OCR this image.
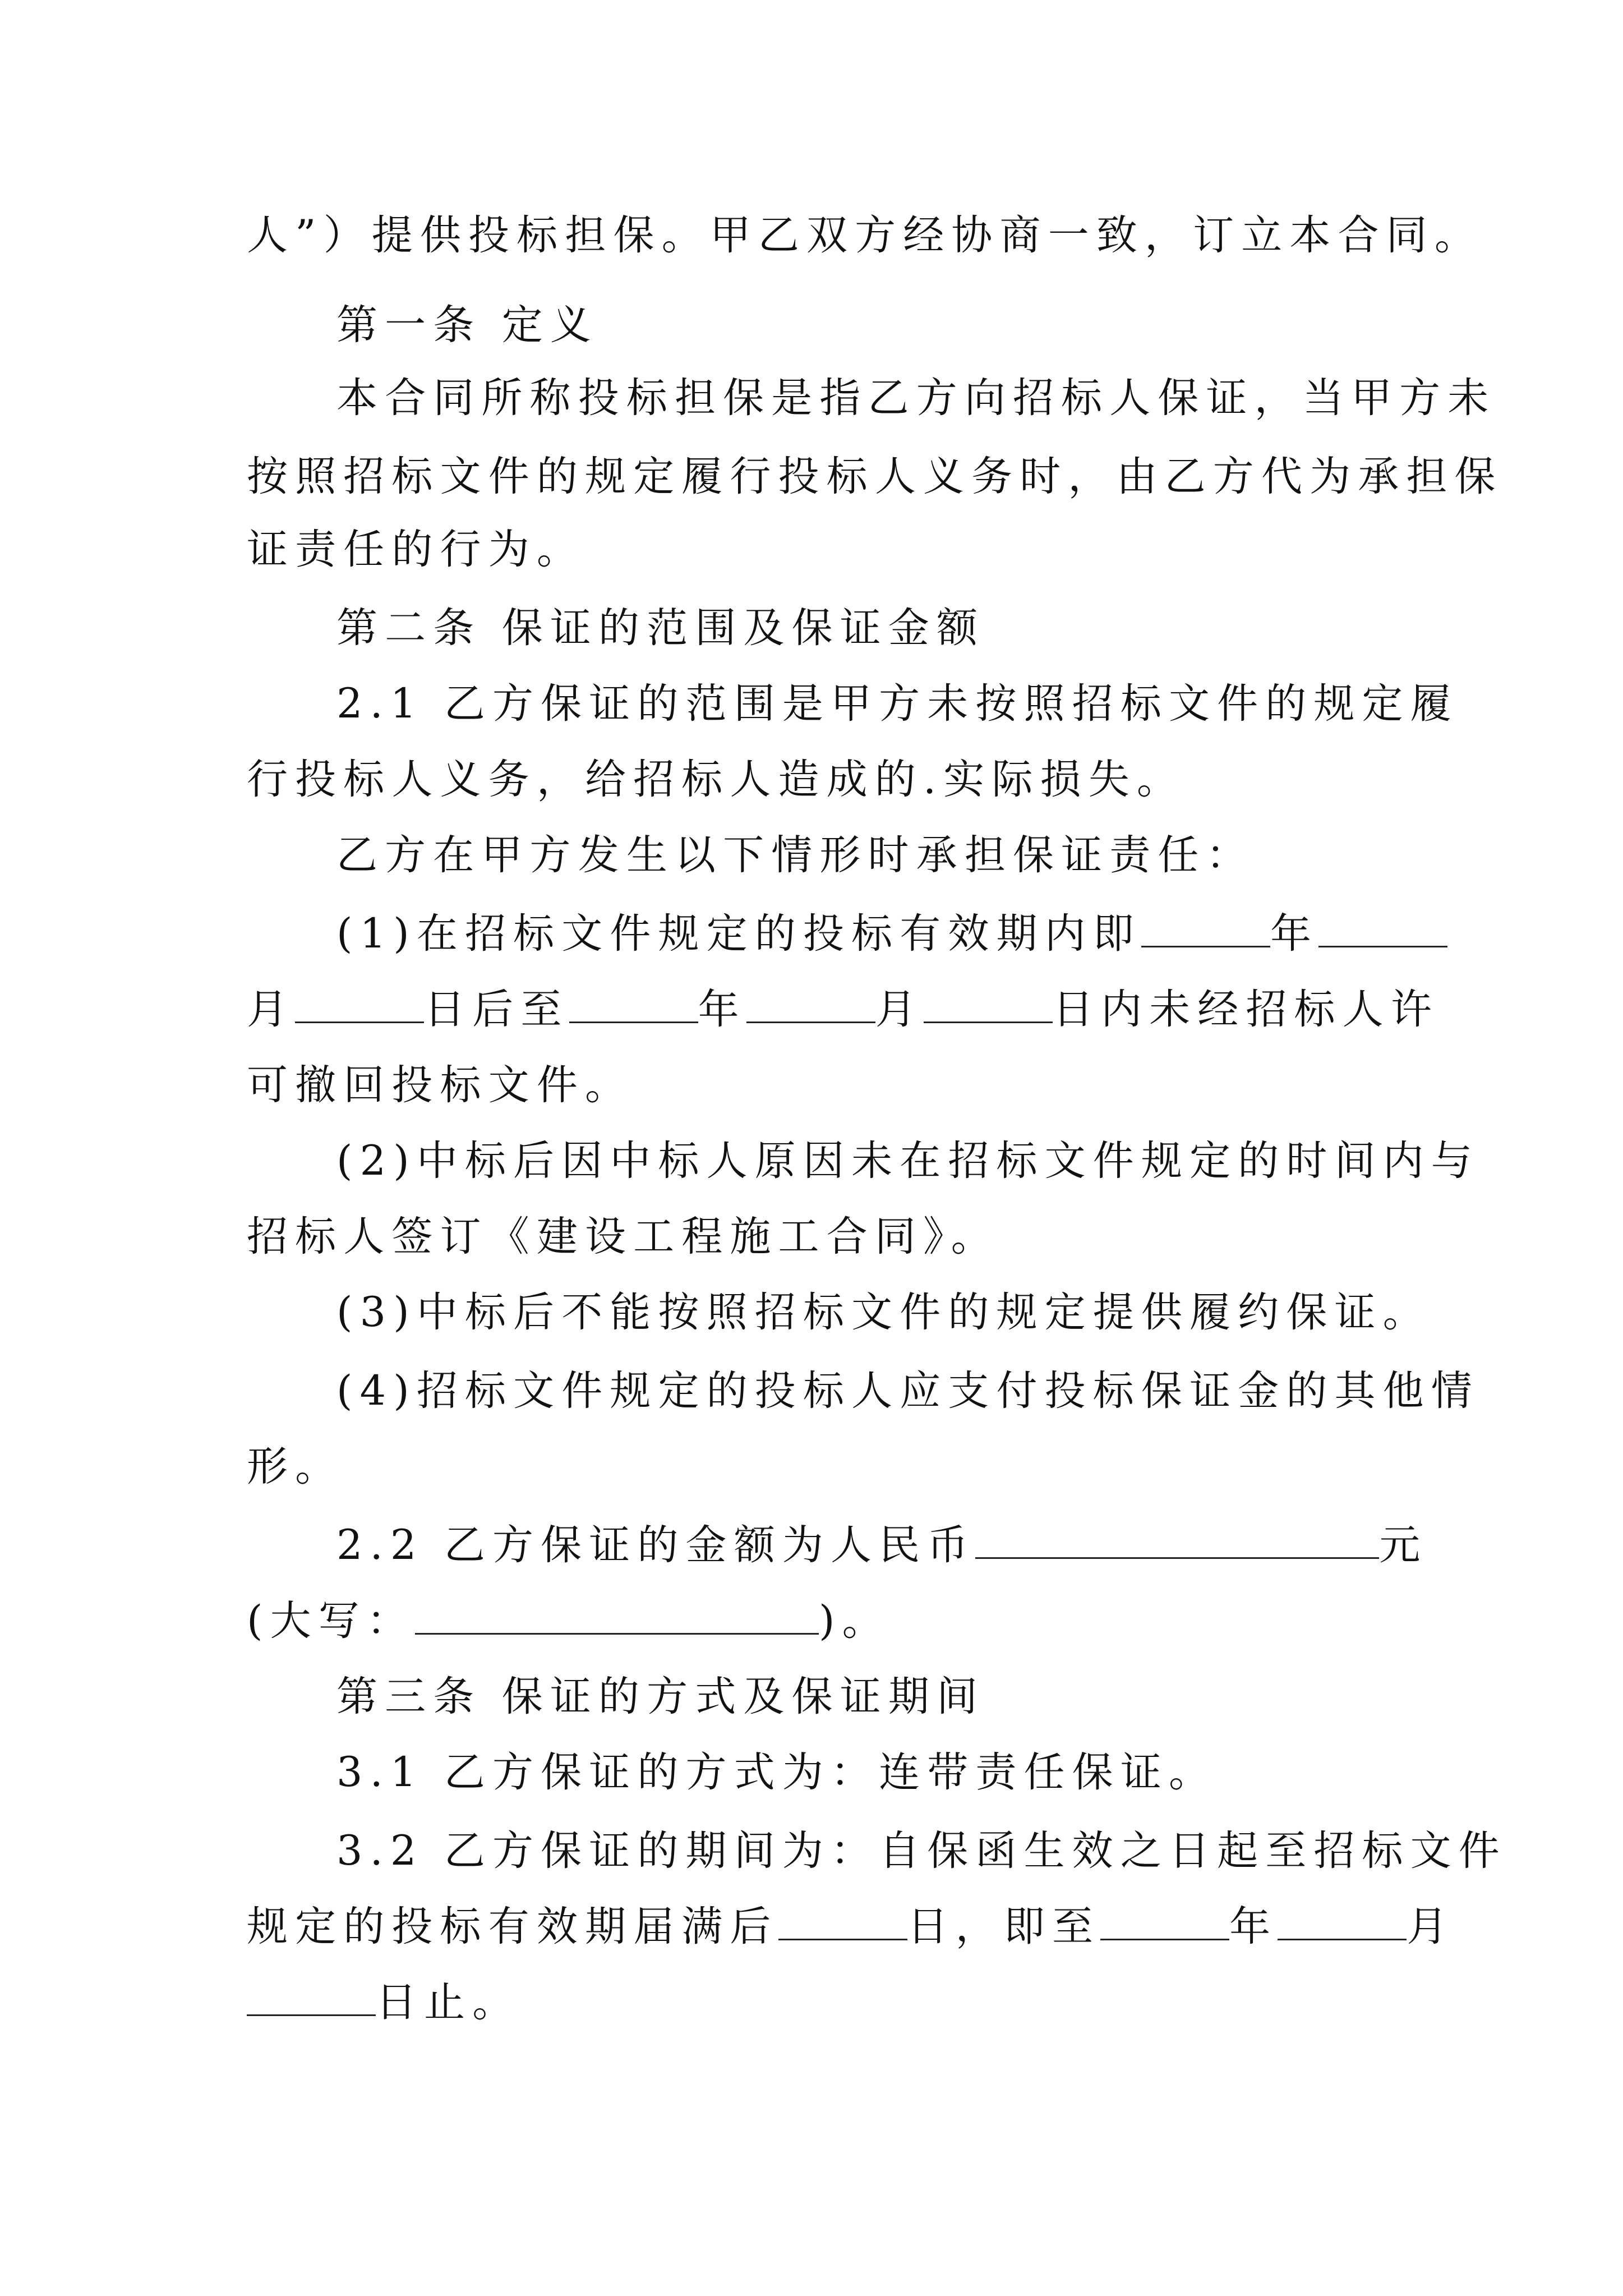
人”）提供投标担保。甲乙双方经协商一致，订立本合同。
第一条 定义
本合同所称投标担保是指乙方向招标人保证，当甲方未
按照招标文件的规定履行投标人义务时，由乙方代为承担保
证责任的行为。
第二条 保证的范围及保证金额
2.1 乙方保证的范围是甲方未按照招标文件的规定履
行投标人义务，给招标人造成的.实际损失。
乙方在甲方发生以下情形时承担保证责任：
(1)在招标文件规定的投标有效期内即	年
月	日后至	年	月	日内未经招标人许
可撤回投标文件。
(2)中标后因中标人原因未在招标文件规定的时间内与
招标人签订《建设工程施工合同》。
(3)中标后不能按照招标文件的规定提供履约保证。
(4)招标文件规定的投标人应支付投标保证金的其他情
形。
2.2 乙方保证的金额为人民币	元
(大写：	)。
第三条 保证的方式及保证期间
3.1 乙方保证的方式为：连带责任保证。
3.2 乙方保证的期间为：自保函生效之日起至招标文件
规定的投标有效期届满后	日，即至	年	月
日止。
